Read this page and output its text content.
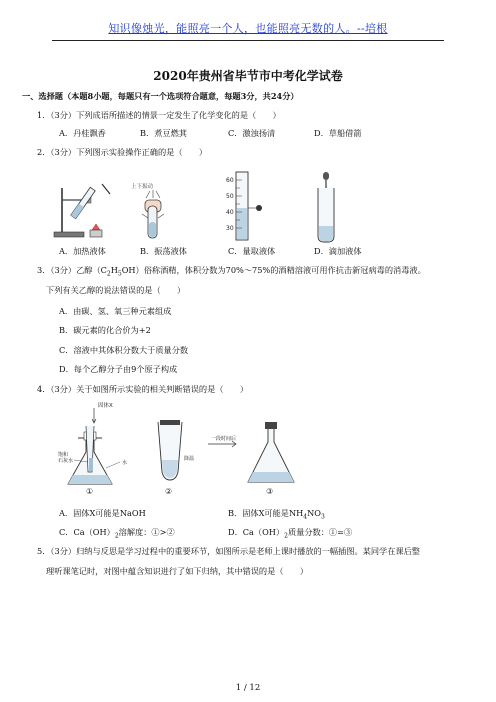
知识像烛光，能照亮一个人，也能照亮无数的人。--培根
2020年贵州省毕节市中考化学试卷
一、选择题（本题8小题，每题只有一个选项符合题意，每题3分，共24分）
1．（3分）下列成语所描述的情景一定发生了化学变化的是（　　）
A．丹桂飘香	B．煮豆燃萁	C．激浊扬清	D．草船借箭
2．（3分）下列图示实验操作正确的是（　　）
上下振动
60
50
40
30
A．加热液体	B．振荡液体	C．量取液体	D．滴加液体
3．（3分）乙醇$(C_2H_5OH)$俗称酒精，体积分数为70%～75%的酒精溶液可用作抗击新冠病毒的消毒液。
下列有关乙醇的说法错误的是（　　）
A．由碳、氢、氧三种元素组成
B．碳元素的化合价为+2
C．溶液中其体积分数大于质量分数
D．每个乙醇分子由9个原子构成
4．（3分）关于如图所示实验的相关判断错误的是（　　）
固体X
饱和
石灰水	水
①
降温
②
一段时间后
③
A．固体X可能是NaOH	B．固体X可能是$NH_4NO_3$
C．$Ca(OH)_2$溶解度：①>②	D．$Ca(OH)_2$质量分数：①=③
5．（3分）归纳与反思是学习过程中的重要环节，如图所示是老师上课时播放的一幅插图。某同学在课后整
理听课笔记时，对图中蕴含知识进行了如下归纳，其中错误的是（　　）
1 / 12
